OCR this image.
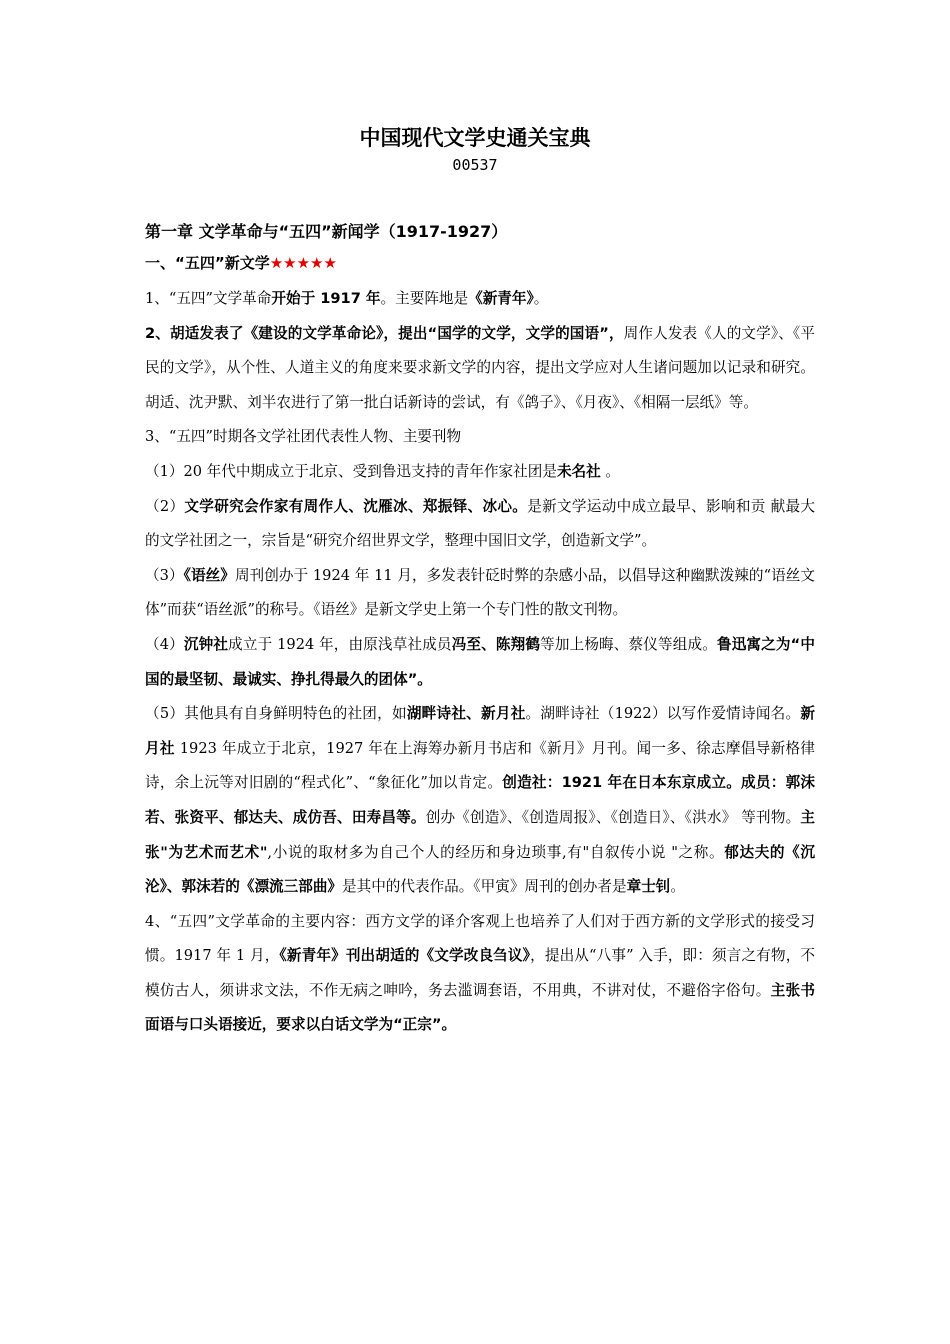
中国现代文学史通关宝典
00537
第一章 文学革命与“五四”新闻学（1917-1927）
一、“五四”新文学★★★★★

1、“五四”文学革命开始于 1917 年。主要阵地是《新青年》。

2、胡适发表了《建设的文学革命论》，提出“国学的文学，文学的国语”，周作人发表《人的文学》、《平民的文学》，从个性、人道主义的角度来要求新文学的内容，提出文学应对人生诸问题加以记录和研究。胡适、沈尹默、刘半农进行了第一批白话新诗的尝试，有《鸽子》、《月夜》、《相隔一层纸》等。

3、“五四”时期各文学社团代表性人物、主要刊物

（1）20 年代中期成立于北京、受到鲁迅支持的青年作家社团是未名社 。

（2）文学研究会作家有周作人、沈雁冰、郑振铎、冰心。是新文学运动中成立最早、影响和贡 献最大的文学社团之一，宗旨是“研究介绍世界文学，整理中国旧文学，创造新文学”。

（3）《语丝》周刊创办于 1924 年 11 月，多发表针砭时弊的杂感小品，以倡导这种幽默泼辣的“语丝文体”而获“语丝派”的称号。《语丝》是新文学史上第一个专门性的散文刊物。

（4）沉钟社成立于 1924 年，由原浅草社成员冯至、陈翔鹤等加上杨晦、蔡仪等组成。鲁迅寓之为“中国的最坚韧、最诚实、挣扎得最久的团体”。

（5）其他具有自身鲜明特色的社团，如湖畔诗社、新月社。湖畔诗社（1922）以写作爱情诗闻名。新月社 1923 年成立于北京，1927 年在上海筹办新月书店和《新月》月刊。闻一多、徐志摩倡导新格律诗，余上沅等对旧剧的“程式化”、“象征化”加以肯定。创造社：1921 年在日本东京成立。成员：郭沫若、张资平、郁达夫、成仿吾、田寿昌等。创办《创造》、《创造周报》、《创造日》、《洪水》 等刊物。主张"为艺术而艺术",小说的取材多为自己个人的经历和身边琐事,有"自叙传小说 "之称。郁达夫的《沉沦》、郭沫若的《漂流三部曲》是其中的代表作品。《甲寅》周刊的创办者是章士钊。

4、“五四”文学革命的主要内容：西方文学的译介客观上也培养了人们对于西方新的文学形式的接受习惯。1917 年 1 月，《新青年》刊出胡适的《文学改良刍议》，提出从“八事” 入手，即：须言之有物，不模仿古人，须讲求文法，不作无病之呻吟，务去滥调套语，不用典，不讲对仗，不避俗字俗句。主张书面语与口头语接近，要求以白话文学为“正宗”。
